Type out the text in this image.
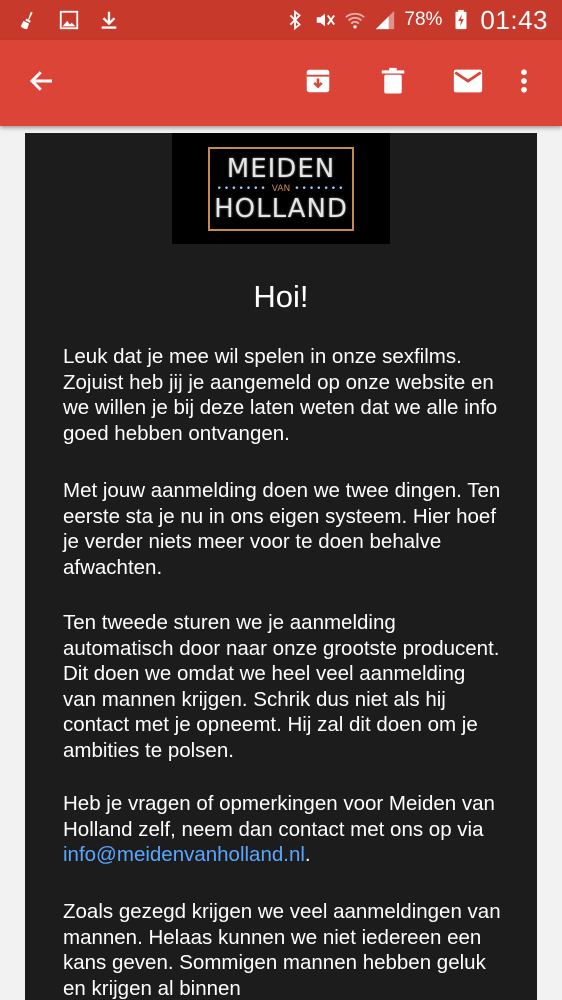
78% 01:43
MEIDEN
••••••• VAN •••••••
HOLLAND
Hoi!

Leuk dat je mee wil spelen in onze sexfilms. Zojuist heb jij je aangemeld op onze website en we willen je bij deze laten weten dat we alle info goed hebben ontvangen.

Met jouw aanmelding doen we twee dingen. Ten eerste sta je nu in ons eigen systeem. Hier hoef je verder niets meer voor te doen behalve afwachten.

Ten tweede sturen we je aanmelding automatisch door naar onze grootste producent. Dit doen we omdat we heel veel aanmelding van mannen krijgen. Schrik dus niet als hij contact met je opneemt. Hij zal dit doen om je ambities te polsen.

Heb je vragen of opmerkingen voor Meiden van Holland zelf, neem dan contact met ons op via info@meidenvanholland.nl.

Zoals gezegd krijgen we veel aanmeldingen van mannen. Helaas kunnen we niet iedereen een kans geven. Sommigen mannen hebben geluk en krijgen al binnen
